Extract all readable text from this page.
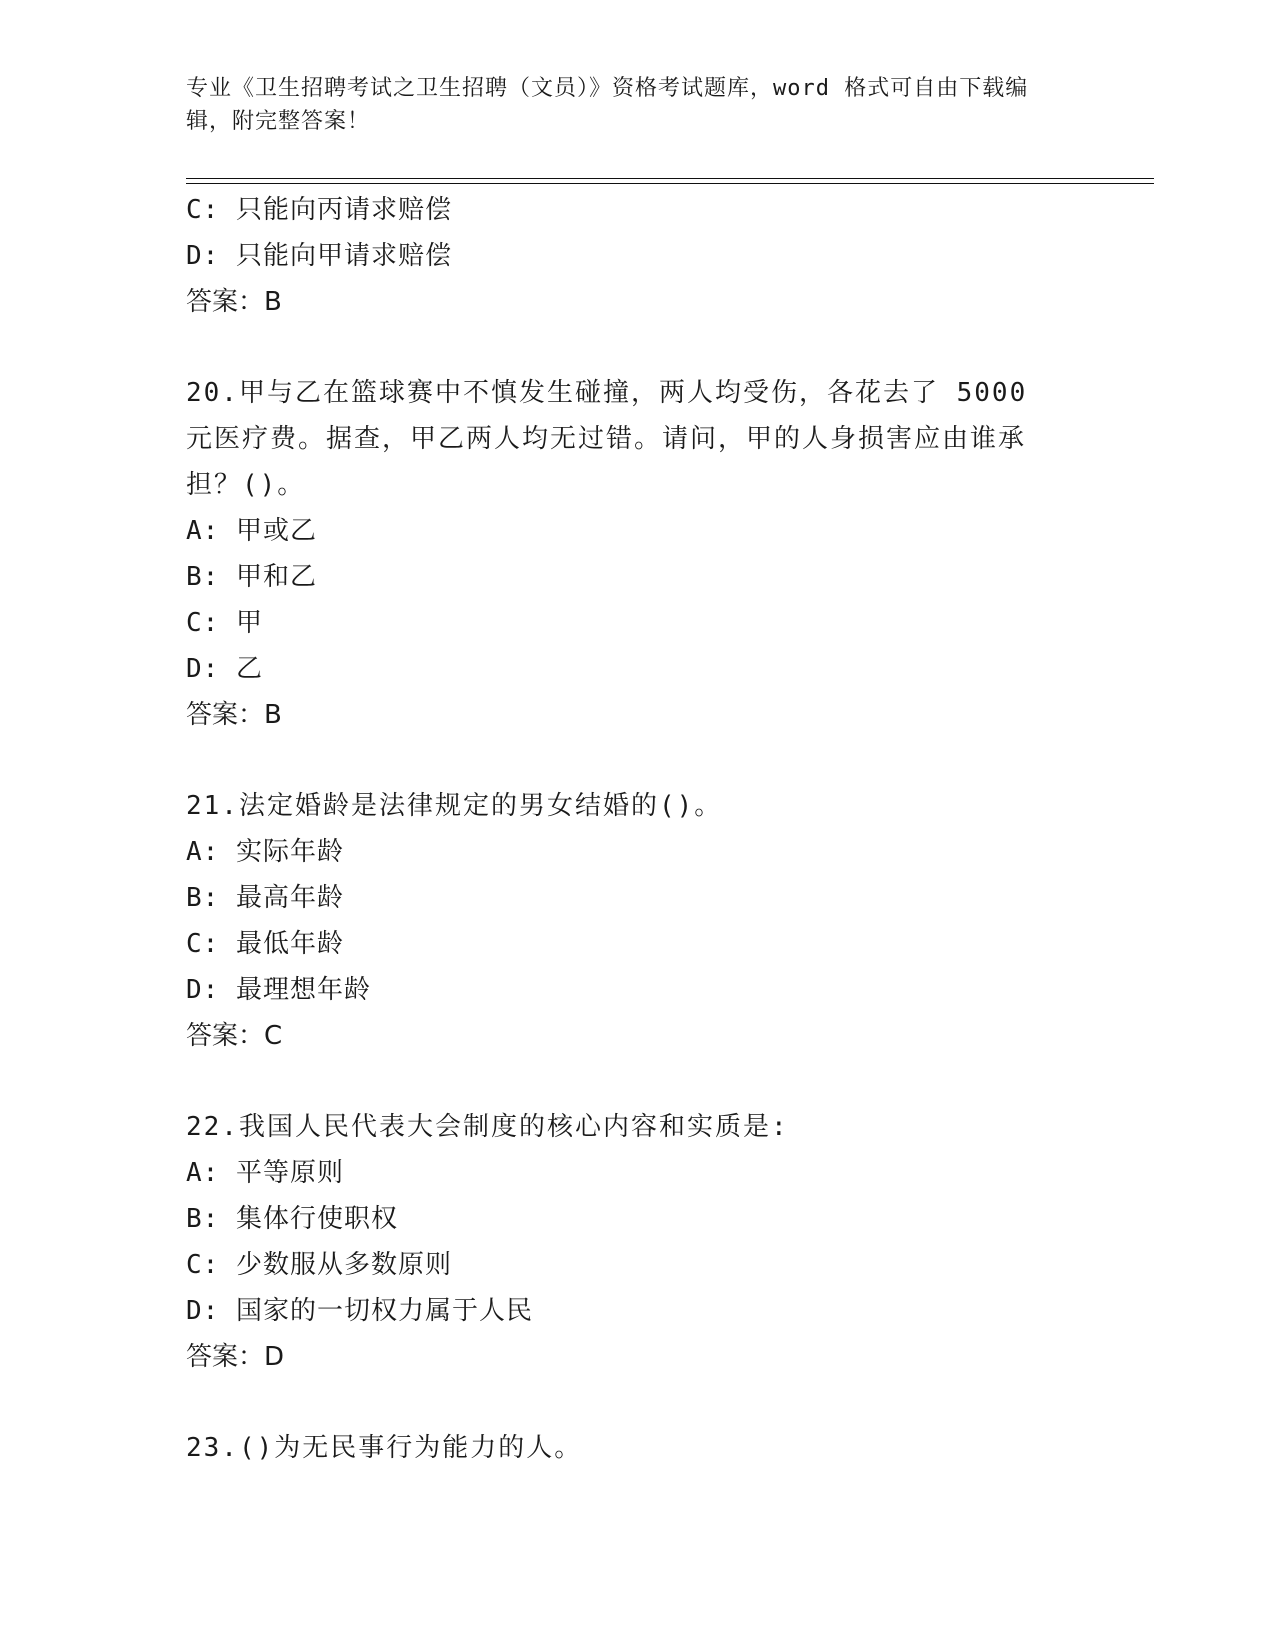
专业《卫生招聘考试之卫生招聘（文员）》资格考试题库，word 格式可自由下载编辑，附完整答案！
C: 只能向丙请求赔偿
D: 只能向甲请求赔偿
答案：B
20.甲与乙在篮球赛中不慎发生碰撞，两人均受伤，各花去了 5000 元医疗费。据查，甲乙两人均无过错。请问，甲的人身损害应由谁承担？()。
A: 甲或乙
B: 甲和乙
C: 甲
D: 乙
答案：B
21.法定婚龄是法律规定的男女结婚的()。
A: 实际年龄
B: 最高年龄
C: 最低年龄
D: 最理想年龄
答案：C
22.我国人民代表大会制度的核心内容和实质是:
A: 平等原则
B: 集体行使职权
C: 少数服从多数原则
D: 国家的一切权力属于人民
答案：D
23.()为无民事行为能力的人。
